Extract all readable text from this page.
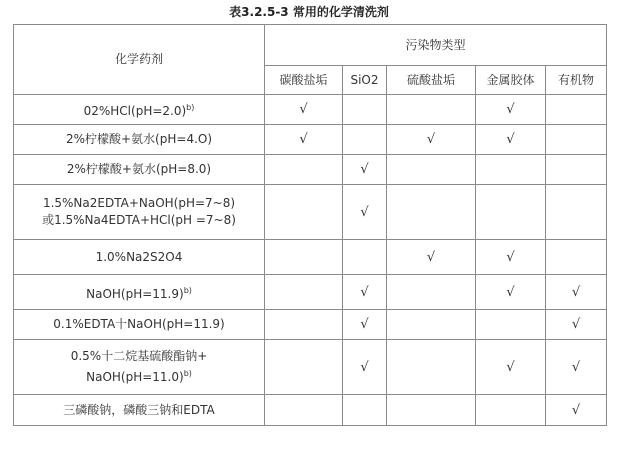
表3.2.5-3 常用的化学清洗剂
化学药剂	污染物类型				
	碳酸盐垢	SiO2	硫酸盐垢	金属胶体	有机物
02%HCl(pH=2.0)$^{b)}$	√			√	
2%柠檬酸+氨水(pH=4.O)	√		√	√	
2%柠檬酸+氨水(pH=8.0)		√			

1.5%Na2EDTA+NaOH(pH=7~8)
或1.5%Na4EDTA+HCl(pH =7~8)		√			
1.0%Na2S2O4			√	√	
NaOH(pH=11.9)$^{b)}$		√		√	√
0.1%EDTA十NaOH(pH=11.9)		√			√

0.5%十二烷基硫酸酯钠+
NaOH(pH=11.0)$^{b)}$		√		√	√
三磷酸钠，磷酸三钠和EDTA					√
